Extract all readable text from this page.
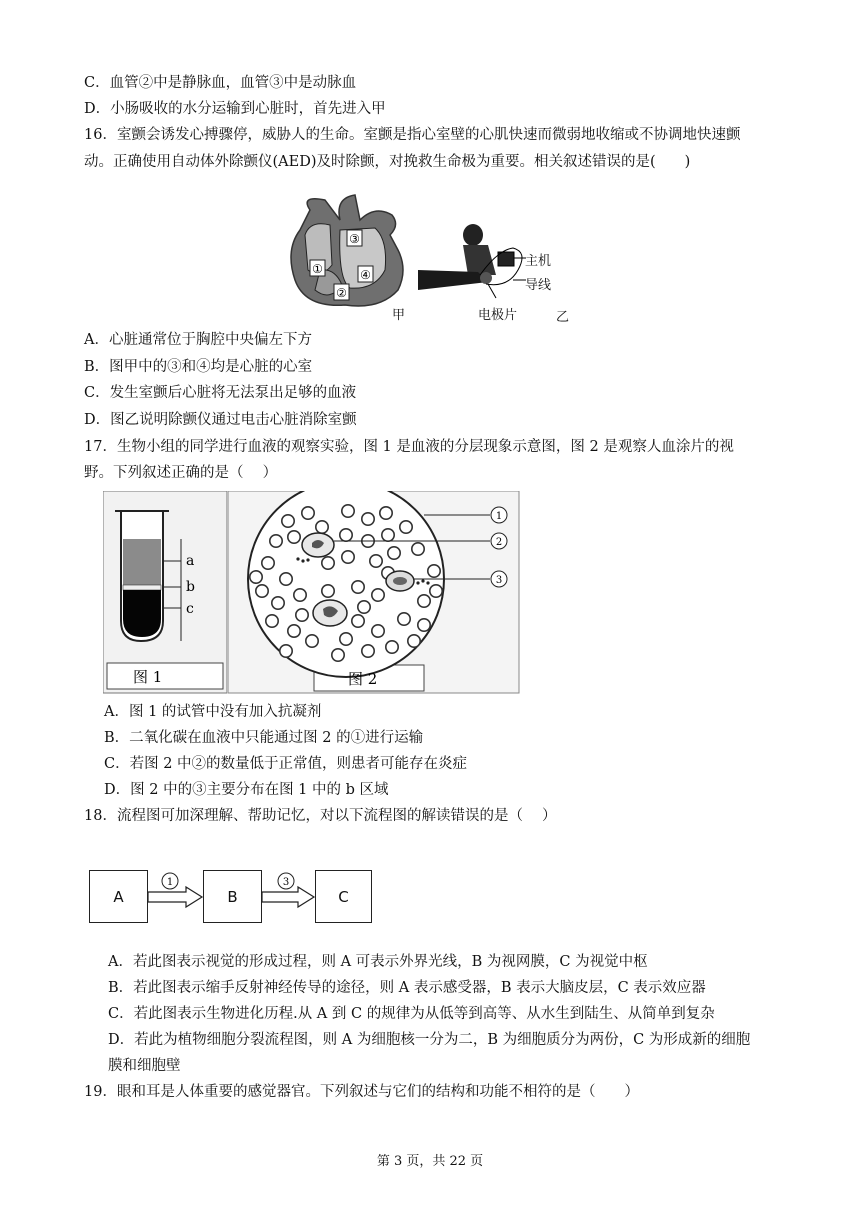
C．血管②中是静脉血，血管③中是动脉血
D．小肠吸收的水分运输到心脏时，首先进入甲
16．室颤会诱发心搏骤停，威胁人的生命。室颤是指心室壁的心肌快速而微弱地收缩或不协调地快速颤
动。正确使用自动体外除颤仪(AED)及时除颤，对挽救生命极为重要。相关叙述错误的是(　　)
①
②
③
④
甲
主机
导线
电极片	乙
A．心脏通常位于胸腔中央偏左下方
B．图甲中的③和④均是心脏的心室
C．发生室颤后心脏将无法泵出足够的血液
D．图乙说明除颤仪通过电击心脏消除室颤
17．生物小组的同学进行血液的观察实验，图 1 是血液的分层现象示意图，图 2 是观察人血涂片的视
野。下列叙述正确的是（　 ）
a
b
c
图 1
1
2
3
图 2
A．图 1 的试管中没有加入抗凝剂
B．二氧化碳在血液中只能通过图 2 的①进行运输
C．若图 2 中②的数量低于正常值，则患者可能存在炎症
D．图 2 中的③主要分布在图 1 中的 b 区域
18．流程图可加深理解、帮助记忆，对以下流程图的解读错误的是（　 ）
A	B	C
1	3
A．若此图表示视觉的形成过程，则 A 可表示外界光线，B 为视网膜，C 为视觉中枢
B．若此图表示缩手反射神经传导的途径，则 A 表示感受器，B 表示大脑皮层，C 表示效应器
C．若此图表示生物进化历程.从 A 到 C 的规律为从低等到高等、从水生到陆生、从简单到复杂
D．若此为植物细胞分裂流程图，则 A 为细胞核一分为二，B 为细胞质分为两份，C 为形成新的细胞
膜和细胞壁
19．眼和耳是人体重要的感觉器官。下列叙述与它们的结构和功能不相符的是（　　）
第 3 页，共 22 页
